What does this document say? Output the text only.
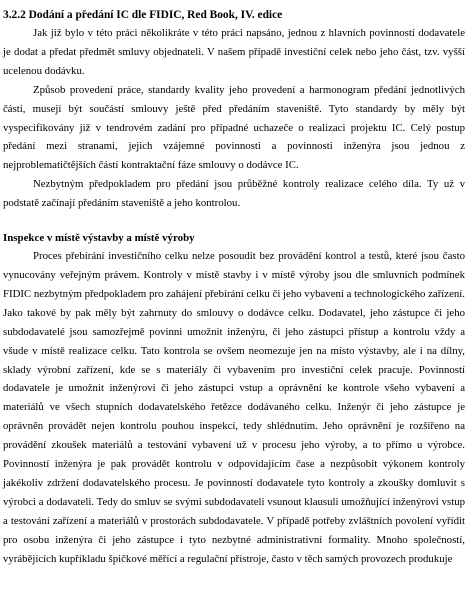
3.2.2 Dodání a předání IC dle FIDIC, Red Book, IV. edice

Jak již bylo v této práci několikráte v této práci napsáno, jednou z hlavních povinností dodavatele je dodat a předat předmět smluvy objednateli. V našem případě investiční celek nebo jeho část, tzv. vyšší ucelenou dodávku.

Způsob provedení práce, standardy kvality jeho provedení a harmonogram předání jednotlivých částí, musejí být součástí smlouvy ještě před předáním staveniště. Tyto standardy by měly být vyspecifikovány již v tendrovém zadání pro případné uchazeče o realizaci projektu IC. Celý postup předání mezi stranami, jejich vzájemné povinnosti a povinnosti inženýra jsou jednou z nejproblematičtějších částí kontraktační fáze smlouvy o dodávce IC.

Nezbytným předpokladem pro předání jsou průběžné kontroly realizace celého díla. Ty už v podstatě začínají předáním staveniště a jeho kontrolou.

Inspekce v místě výstavby a místě výroby

Proces přebírání investičního celku nelze posoudit bez provádění kontrol a testů, které jsou často vynucovány veřejným právem. Kontroly v místě stavby i v místě výroby jsou dle smluvních podmínek FIDIC nezbytným předpokladem pro zahájení přebírání celku či jeho vybavení a technologického zařízení. Jako takové by pak měly být zahrnuty do smlouvy o dodávce celku. Dodavatel, jeho zástupce či jeho subdodavatelé jsou samozřejmě povinni umožnit inženýru, či jeho zástupci přístup a kontrolu vždy a všude v místě realizace celku. Tato kontrola se ovšem neomezuje jen na místo výstavby, ale i na dílny, sklady výrobní zařízení, kde se s materiály či vybavením pro investiční celek pracuje. Povinností dodavatele je umožnit inženýrovi či jeho zástupci vstup a oprávnění ke kontrole všeho vybavení a materiálů ve všech stupních dodavatelského řetězce dodávaného celku. Inženýr či jeho zástupce je oprávněn provádět nejen kontrolu pouhou inspekcí, tedy shlédnutím. Jeho oprávnění je rozšířeno na provádění zkoušek materiálů a testování vybavení už v procesu jeho výroby, a to přímo u výrobce. Povinností inženýra je pak provádět kontrolu v odpovídajícím čase a nezpůsobit výkonem kontroly jakékoliv zdržení dodavatelského procesu. Je povinností dodavatele tyto kontroly a zkoušky domluvit s výrobci a dodavateli. Tedy do smluv se svými subdodavateli vsunout klausuli umožňující inženýrovi vstup a testování zařízení a materiálů v prostorách subdodavatele. V případě potřeby zvláštních povolení vyřídit pro osobu inženýra či jeho zástupce i tyto nezbytné administrativní formality. Mnoho společností, vyrábějících kupříkladu špičkové měřící a regulační přístroje, často v těch samých provozech produkuje
